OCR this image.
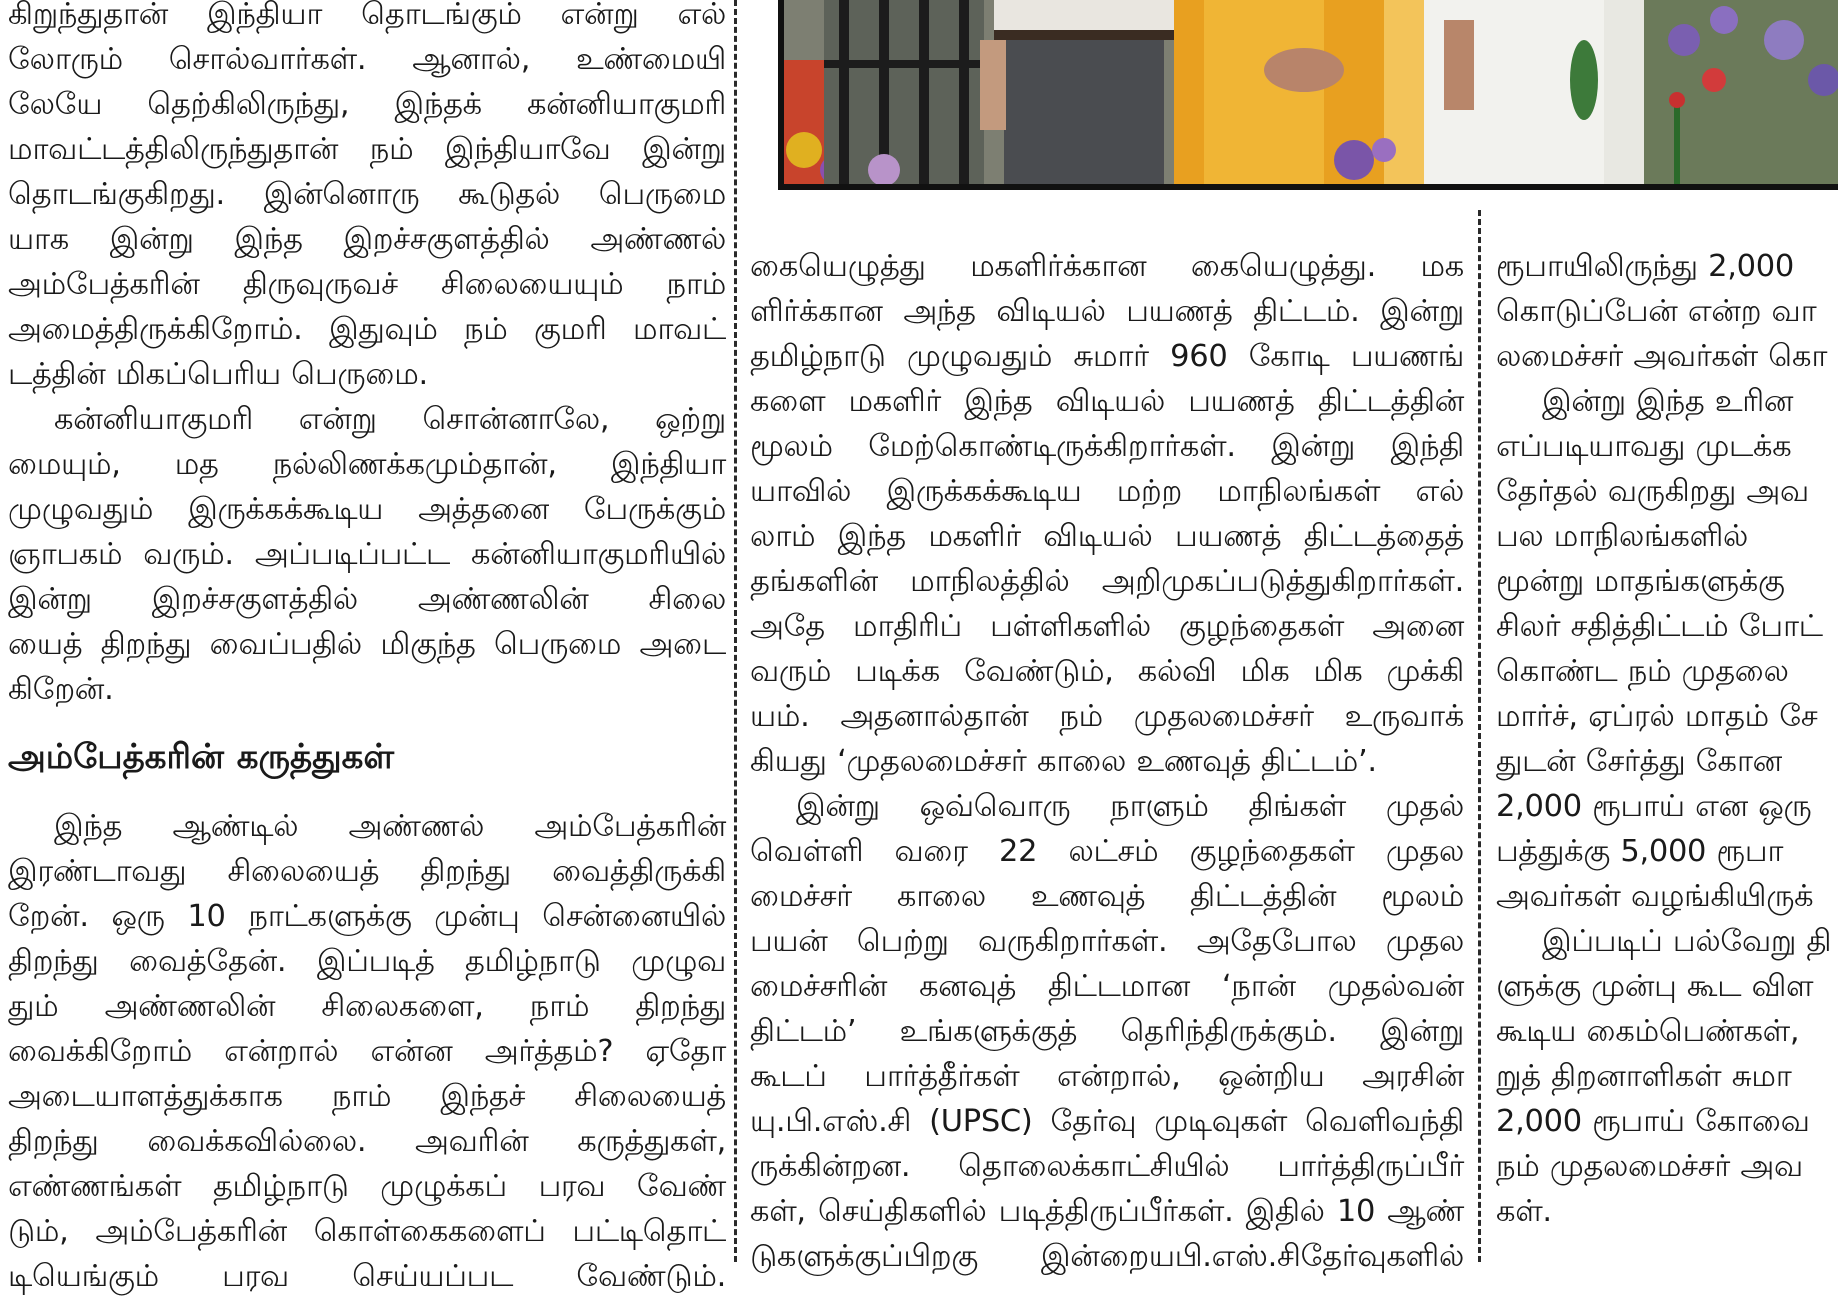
கிறுந்துதான் இந்தியா தொடங்கும் என்று எல்
லோரும் சொல்வார்கள். ஆனால், உண்மையி
லேயே தெற்கிலிருந்து, இந்தக் கன்னியாகுமரி
மாவட்டத்திலிருந்துதான் நம் இந்தியாவே இன்று
தொடங்குகிறது. இன்னொரு கூடுதல் பெருமை
யாக இன்று இந்த இறச்சகுளத்தில் அண்ணல்
அம்பேத்கரின் திருவுருவச் சிலையையும் நாம்
அமைத்திருக்கிறோம். இதுவும் நம் குமரி மாவட்
டத்தின் மிகப்பெரிய பெருமை.

கன்னியாகுமரி என்று சொன்னாலே, ஒற்று
மையும், மத நல்லிணக்கமும்தான், இந்தியா
முழுவதும் இருக்கக்கூடிய அத்தனை பேருக்கும்
ஞாபகம் வரும். அப்படிப்பட்ட கன்னியாகுமரியில்
இன்று இறச்சகுளத்தில் அண்ணலின் சிலை
யைத் திறந்து வைப்பதில் மிகுந்த பெருமை அடை
கிறேன்.

அம்பேத்கரின் கருத்துகள்

இந்த ஆண்டில் அண்ணல் அம்பேத்கரின்
இரண்டாவது சிலையைத் திறந்து வைத்திருக்கி
றேன். ஒரு 10 நாட்களுக்கு முன்பு சென்னையில்
திறந்து வைத்தேன். இப்படித் தமிழ்நாடு முழுவ
தும் அண்ணலின் சிலைகளை, நாம் திறந்து
வைக்கிறோம் என்றால் என்ன அர்த்தம்? ஏதோ
அடையாளத்துக்காக நாம் இந்தச் சிலையைத்
திறந்து வைக்கவில்லை. அவரின் கருத்துகள்,
எண்ணங்கள் தமிழ்நாடு முழுக்கப் பரவ வேண்
டும், அம்பேத்கரின் கொள்கைகளைப் பட்டிதொட்
டியெங்கும் பரவ செய்யப்பட வேண்டும்.

கையெழுத்து மகளிர்க்கான கையெழுத்து. மக
ளிர்க்கான அந்த விடியல் பயணத் திட்டம். இன்று
தமிழ்நாடு முழுவதும் சுமார் 960 கோடி பயணங்
களை மகளிர் இந்த விடியல் பயணத் திட்டத்தின்
மூலம் மேற்கொண்டிருக்கிறார்கள். இன்று இந்தி
யாவில் இருக்கக்கூடிய மற்ற மாநிலங்கள் எல்
லாம் இந்த மகளிர் விடியல் பயணத் திட்டத்தைத்
தங்களின் மாநிலத்தில் அறிமுகப்படுத்துகிறார்கள்.
அதே மாதிரிப் பள்ளிகளில் குழந்தைகள் அனை
வரும் படிக்க வேண்டும், கல்வி மிக மிக முக்கி
யம். அதனால்தான் நம் முதலமைச்சர் உருவாக்
கியது ‘முதலமைச்சர் காலை உணவுத் திட்டம்’.

இன்று ஒவ்வொரு நாளும் திங்கள் முதல்
வெள்ளி வரை 22 லட்சம் குழந்தைகள் முதல
மைச்சர் காலை உணவுத் திட்டத்தின் மூலம்
பயன் பெற்று வருகிறார்கள். அதேபோல முதல
மைச்சரின் கனவுத் திட்டமான ‘நான் முதல்வன்
திட்டம்’ உங்களுக்குத் தெரிந்திருக்கும். இன்று
கூடப் பார்த்தீர்கள் என்றால், ஒன்றிய அரசின்
யு.பி.எஸ்.சி (UPSC) தேர்வு முடிவுகள் வெளிவந்தி
ருக்கின்றன. தொலைக்காட்சியில் பார்த்திருப்பீர்
கள், செய்திகளில் படித்திருப்பீர்கள். இதில் 10 ஆண்
டுகளுக்குப்பிறகு இன்றையபி.எஸ்.சிதேர்வுகளில்

ரூபாயிலிருந்து 2,000
கொடுப்பேன் என்ற வா
லமைச்சர் அவர்கள் கொ

இன்று இந்த உரின
எப்படியாவது முடக்க
தேர்தல் வருகிறது அவ
பல மாநிலங்களில்
மூன்று மாதங்களுக்கு
சிலர் சதித்திட்டம் போட்
கொண்ட நம் முதலை
மார்ச், ஏப்ரல் மாதம் சே
துடன் சேர்த்து கோன
2,000 ரூபாய் என ஒரு
பத்துக்கு 5,000 ரூபா
அவர்கள் வழங்கியிருக்

இப்படிப் பல்வேறு தி
ளுக்கு முன்பு கூட விள
கூடிய கைம்பெண்கள்,
றுத் திறனாளிகள் சுமா
2,000 ரூபாய் கோவை
நம் முதலமைச்சர் அவ
கள்.
